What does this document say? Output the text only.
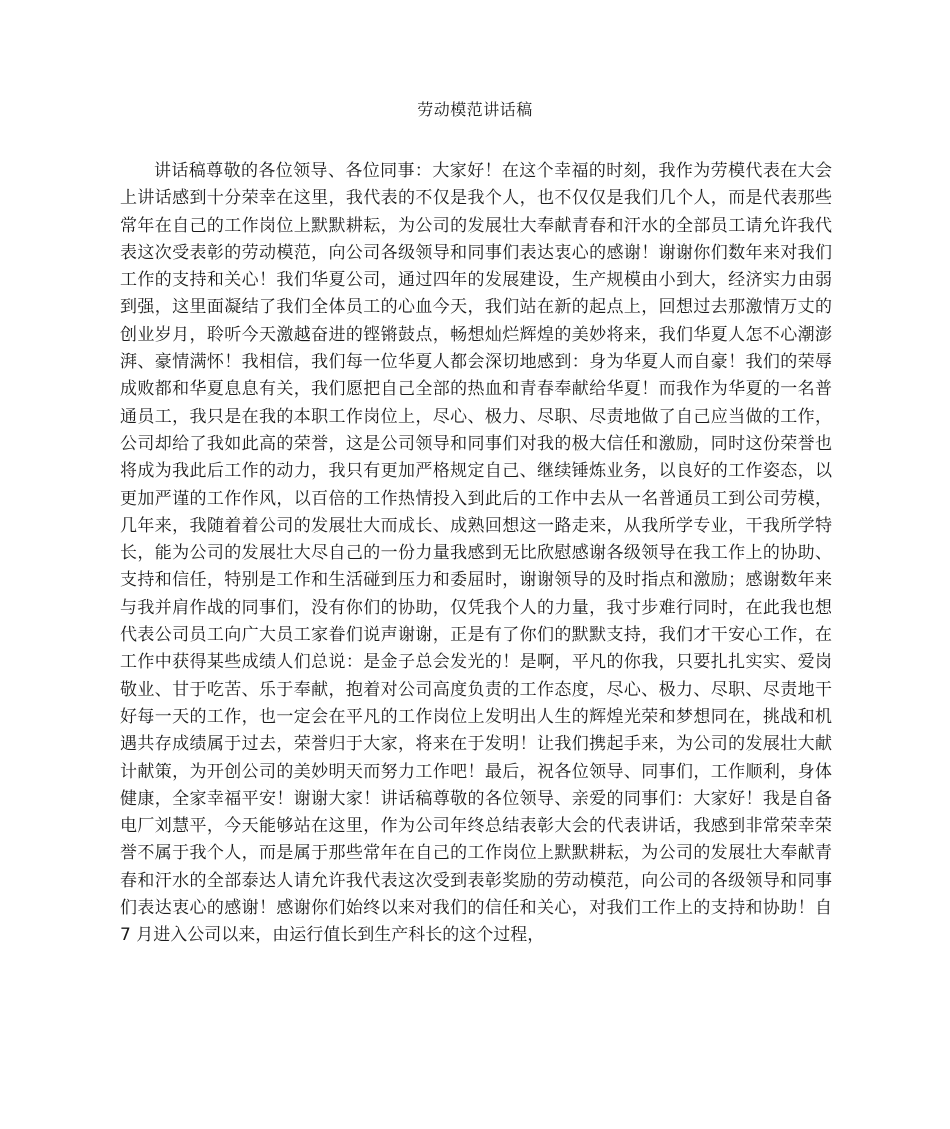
劳动模范讲话稿

讲话稿尊敬的各位领导、各位同事：大家好！在这个幸福的时刻，我作为劳模代表在大会上讲话感到十分荣幸在这里，我代表的不仅是我个人，也不仅仅是我们几个人，而是代表那些常年在自己的工作岗位上默默耕耘，为公司的发展壮大奉献青春和汗水的全部员工请允许我代表这次受表彰的劳动模范，向公司各级领导和同事们表达衷心的感谢！谢谢你们数年来对我们工作的支持和关心！我们华夏公司，通过四年的发展建设，生产规模由小到大，经济实力由弱到强，这里面凝结了我们全体员工的心血今天，我们站在新的起点上，回想过去那激情万丈的创业岁月，聆听今天激越奋进的铿锵鼓点，畅想灿烂辉煌的美妙将来，我们华夏人怎不心潮澎湃、豪情满怀！我相信，我们每一位华夏人都会深切地感到：身为华夏人而自豪！我们的荣辱成败都和华夏息息有关，我们愿把自己全部的热血和青春奉献给华夏！而我作为华夏的一名普通员工，我只是在我的本职工作岗位上，尽心、极力、尽职、尽责地做了自己应当做的工作，公司却给了我如此高的荣誉，这是公司领导和同事们对我的极大信任和激励，同时这份荣誉也将成为我此后工作的动力，我只有更加严格规定自己、继续锤炼业务，以良好的工作姿态，以更加严谨的工作作风，以百倍的工作热情投入到此后的工作中去从一名普通员工到公司劳模，几年来，我随着着公司的发展壮大而成长、成熟回想这一路走来，从我所学专业，干我所学特长，能为公司的发展壮大尽自己的一份力量我感到无比欣慰感谢各级领导在我工作上的协助、支持和信任，特别是工作和生活碰到压力和委屈时，谢谢领导的及时指点和激励；感谢数年来与我并肩作战的同事们，没有你们的协助，仅凭我个人的力量，我寸步难行同时，在此我也想代表公司员工向广大员工家眷们说声谢谢，正是有了你们的默默支持，我们才干安心工作，在工作中获得某些成绩人们总说：是金子总会发光的！是啊，平凡的你我，只要扎扎实实、爱岗敬业、甘于吃苦、乐于奉献，抱着对公司高度负责的工作态度，尽心、极力、尽职、尽责地干好每一天的工作，也一定会在平凡的工作岗位上发明出人生的辉煌光荣和梦想同在，挑战和机遇共存成绩属于过去，荣誉归于大家，将来在于发明！让我们携起手来，为公司的发展壮大献计献策，为开创公司的美妙明天而努力工作吧！最后，祝各位领导、同事们，工作顺利，身体健康，全家幸福平安！谢谢大家！讲话稿尊敬的各位领导、亲爱的同事们：大家好！我是自备电厂刘慧平，今天能够站在这里，作为公司年终总结表彰大会的代表讲话，我感到非常荣幸荣誉不属于我个人，而是属于那些常年在自己的工作岗位上默默耕耘，为公司的发展壮大奉献青春和汗水的全部泰达人请允许我代表这次受到表彰奖励的劳动模范，向公司的各级领导和同事们表达衷心的感谢！感谢你们始终以来对我们的信任和关心，对我们工作上的支持和协助！自 7 月进入公司以来，由运行值长到生产科长的这个过程，
